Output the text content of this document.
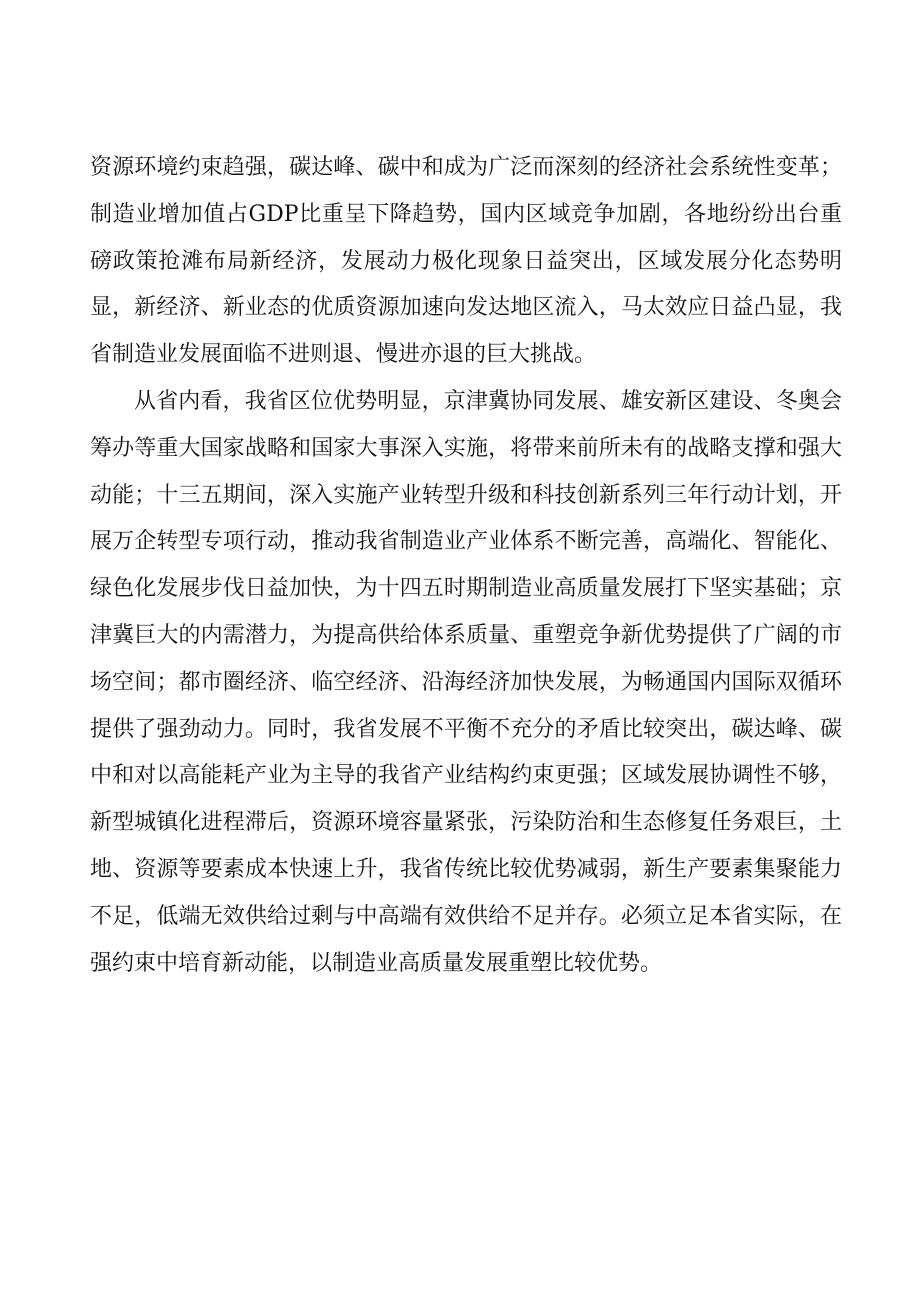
资源环境约束趋强，碳达峰、碳中和成为广泛而深刻的经济社会系统性变革；制造业增加值占GDP比重呈下降趋势，国内区域竞争加剧，各地纷纷出台重磅政策抢滩布局新经济，发展动力极化现象日益突出，区域发展分化态势明显，新经济、新业态的优质资源加速向发达地区流入，马太效应日益凸显，我省制造业发展面临不进则退、慢进亦退的巨大挑战。

从省内看，我省区位优势明显，京津冀协同发展、雄安新区建设、冬奥会筹办等重大国家战略和国家大事深入实施，将带来前所未有的战略支撑和强大动能；十三五期间，深入实施产业转型升级和科技创新系列三年行动计划，开展万企转型专项行动，推动我省制造业产业体系不断完善，高端化、智能化、绿色化发展步伐日益加快，为十四五时期制造业高质量发展打下坚实基础；京津冀巨大的内需潜力，为提高供给体系质量、重塑竞争新优势提供了广阔的市场空间；都市圈经济、临空经济、沿海经济加快发展，为畅通国内国际双循环提供了强劲动力。同时，我省发展不平衡不充分的矛盾比较突出，碳达峰、碳中和对以高能耗产业为主导的我省产业结构约束更强；区域发展协调性不够，新型城镇化进程滞后，资源环境容量紧张，污染防治和生态修复任务艰巨，土地、资源等要素成本快速上升，我省传统比较优势减弱，新生产要素集聚能力不足，低端无效供给过剩与中高端有效供给不足并存。必须立足本省实际，在强约束中培育新动能，以制造业高质量发展重塑比较优势。
